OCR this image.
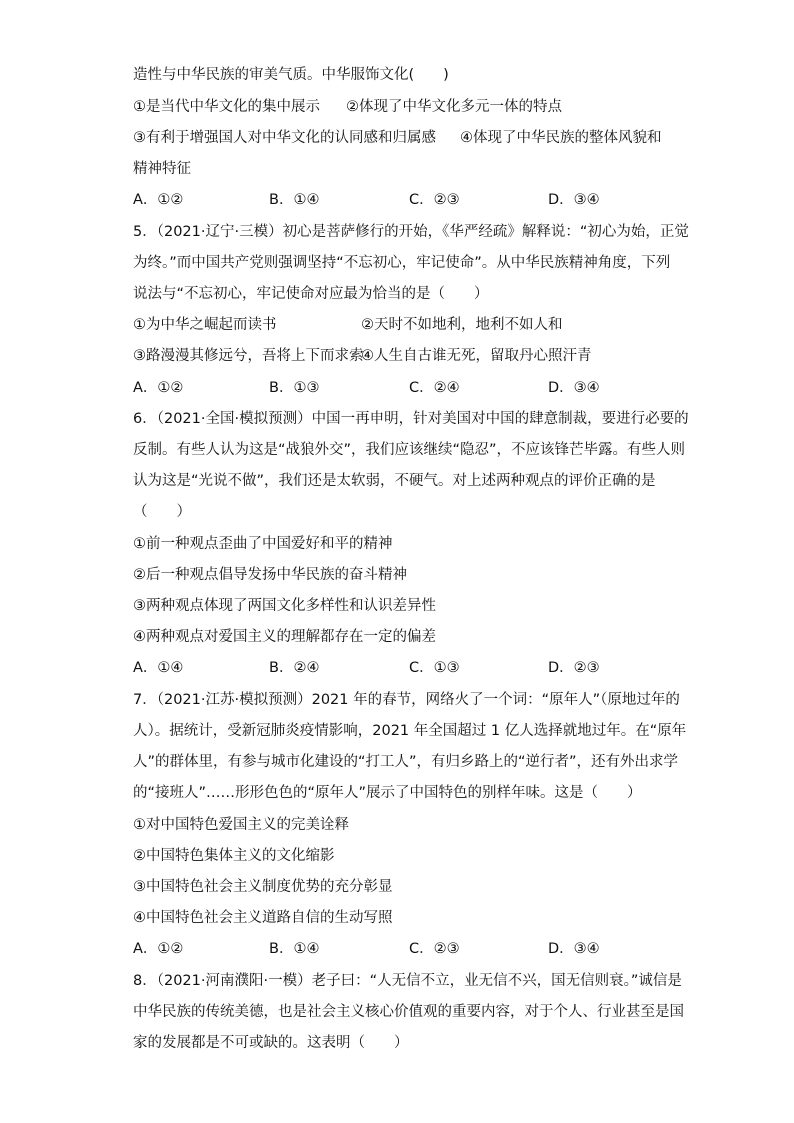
造性与中华民族的审美气质。中华服饰文化(　　)
①是当代中华文化的集中展示 ②体现了中华文化多元一体的特点
③有利于增强国人对中华文化的认同感和归属感 ④体现了中华民族的整体风貌和
精神特征
A．①②	B．①④	C．②③	D．③④
5．（2021·辽宁·三模）初心是菩萨修行的开始，《华严经疏》解释说：“初心为始，正觉
为终。”而中国共产党则强调坚持“不忘初心，牢记使命”。从中华民族精神角度，下列
说法与“不忘初心，牢记使命对应最为恰当的是（　　）
①为中华之崛起而读书	②天时不如地利，地利不如人和
③路漫漫其修远兮，吾将上下而求索
④人生自古谁无死，留取丹心照汗青
A．①②	B．①③	C．②④	D．③④
6．（2021·全国·模拟预测）中国一再申明，针对美国对中国的肆意制裁，要进行必要的
反制。有些人认为这是“战狼外交”，我们应该继续“隐忍”，不应该锋芒毕露。有些人则
认为这是“光说不做”，我们还是太软弱，不硬气。对上述两种观点的评价正确的是
（　　）
①前一种观点歪曲了中国爱好和平的精神
②后一种观点倡导发扬中华民族的奋斗精神
③两种观点体现了两国文化多样性和认识差异性
④两种观点对爱国主义的理解都存在一定的偏差
A．①④	B．②④	C．①③	D．②③
7．（2021·江苏·模拟预测）2021 年的春节，网络火了一个词：“原年人”（原地过年的
人）。据统计，受新冠肺炎疫情影响，2021 年全国超过 1 亿人选择就地过年。在“原年
人”的群体里，有参与城市化建设的“打工人”，有归乡路上的“逆行者”，还有外出求学
的“接班人”……形形色色的“原年人”展示了中国特色的别样年味。这是（　　）
①对中国特色爱国主义的完美诠释
②中国特色集体主义的文化缩影
③中国特色社会主义制度优势的充分彰显
④中国特色社会主义道路自信的生动写照
A．①②	B．①④	C．②③	D．③④
8．（2021·河南濮阳·一模）老子曰：“人无信不立，业无信不兴，国无信则衰。”诚信是
中华民族的传统美德，也是社会主义核心价值观的重要内容，对于个人、行业甚至是国
家的发展都是不可或缺的。这表明（　　）
